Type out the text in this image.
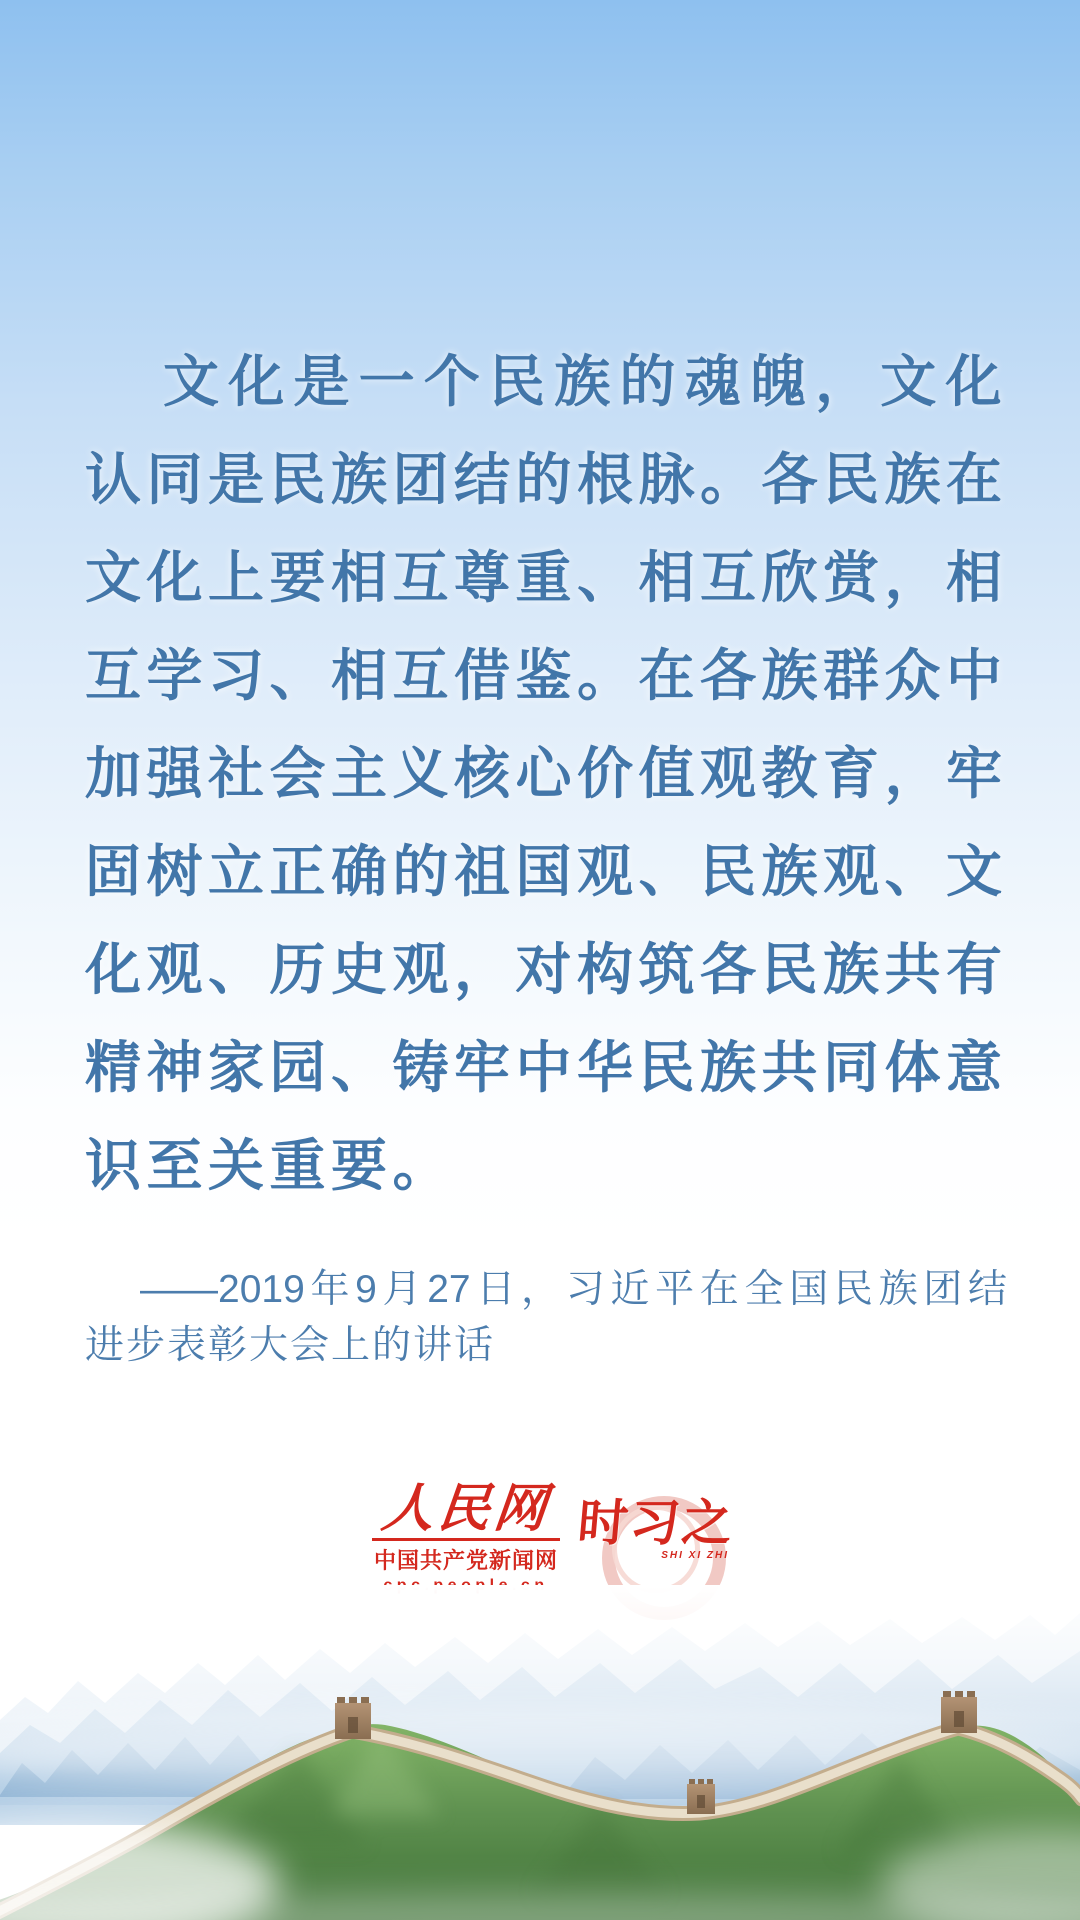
文化是一个民族的魂魄，文化
认同是民族团结的根脉。各民族在
文化上要相互尊重、相互欣赏，相
互学习、相互借鉴。在各族群众中
加强社会主义核心价值观教育，牢
固树立正确的祖国观、民族观、文
化观、历史观，对构筑各民族共有
精神家园、铸牢中华民族共同体意
识至关重要。
——2019年9月27日，习近平在全国民族团结
进步表彰大会上的讲话
人民网
中国共产党新闻网
时习之
SHI XI ZHI
